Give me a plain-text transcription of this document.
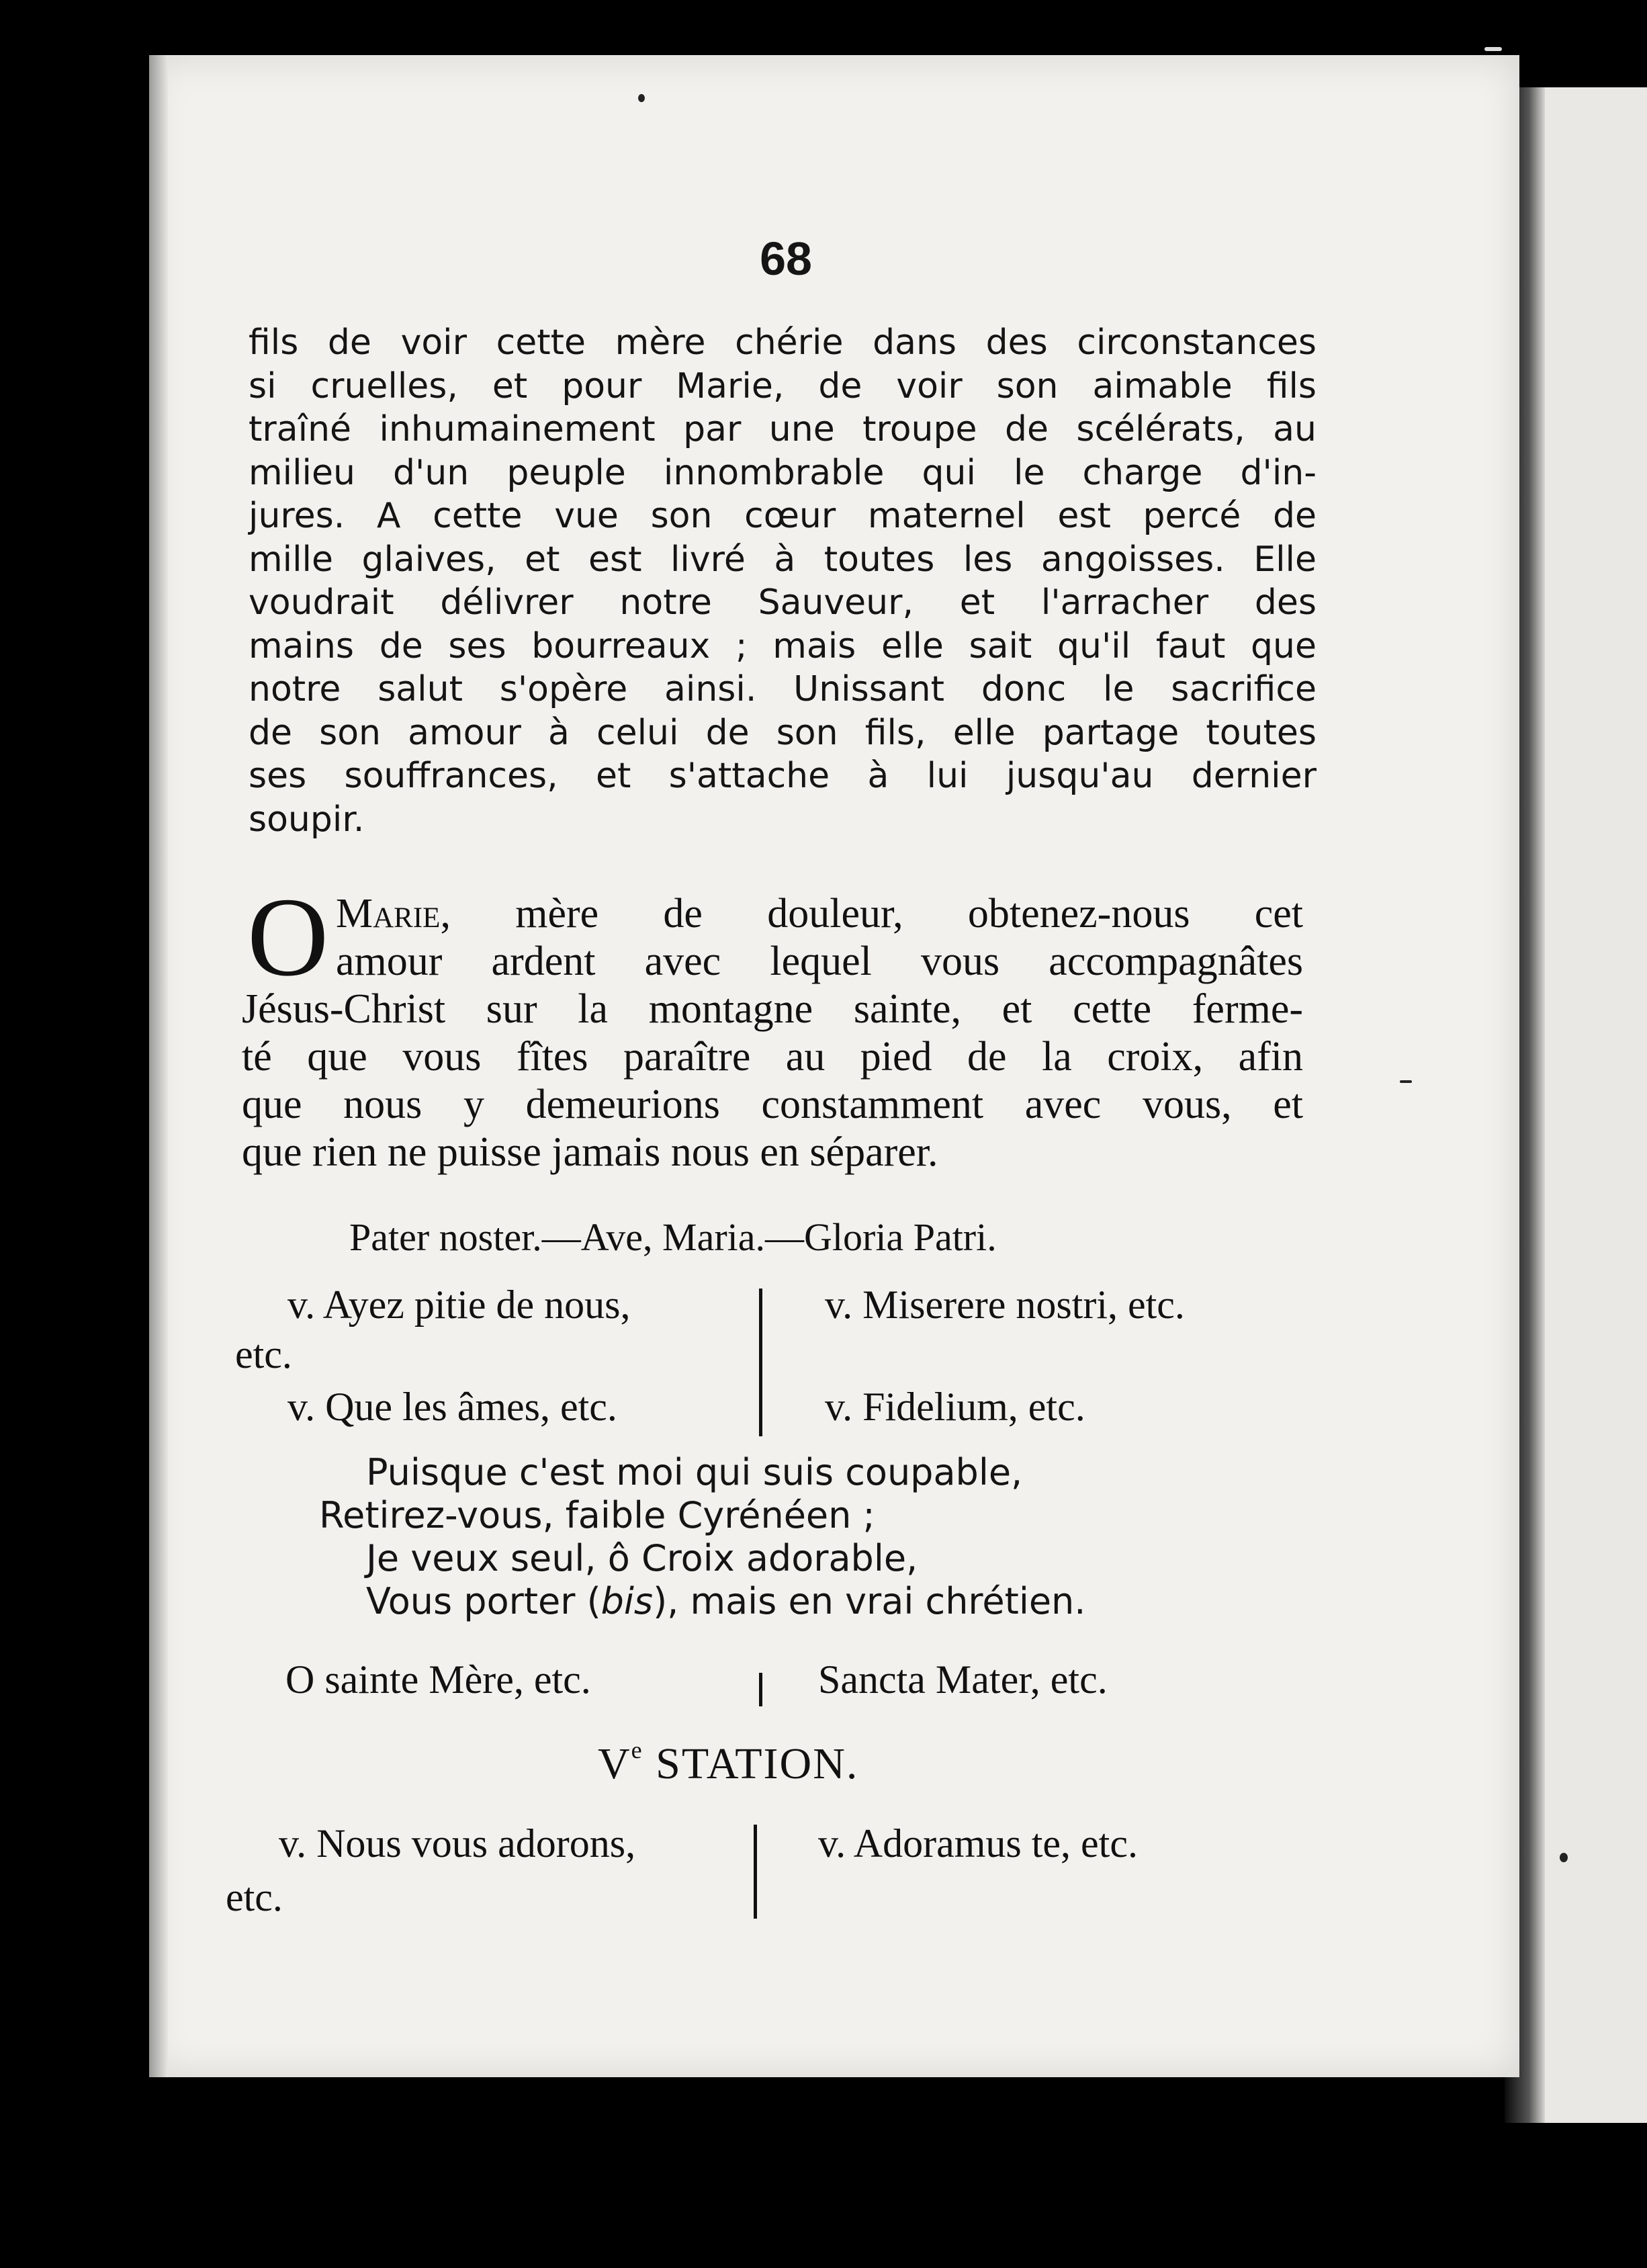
68
fils de voir cette mère chérie dans des circonstances
si cruelles, et pour Marie, de voir son aimable fils
traîné inhumainement par une troupe de scélérats, au
milieu d'un peuple innombrable qui le charge d'in-
jures. A cette vue son cœur maternel est percé de
mille glaives, et est livré à toutes les angoisses. Elle
voudrait délivrer notre Sauveur, et l'arracher des
mains de ses bourreaux ; mais elle sait qu'il faut que
notre salut s'opère ainsi. Unissant donc le sacrifice
de son amour à celui de son fils, elle partage toutes
ses souffrances, et s'attache à lui jusqu'au dernier
soupir.
O Marie, mère de douleur, obtenez-nous cet
amour ardent avec lequel vous accompagnâtes
Jésus-Christ sur la montagne sainte, et cette ferme-
té que vous fîtes paraître au pied de la croix, afin
que nous y demeurions constamment avec vous, et
que rien ne puisse jamais nous en séparer.
Pater noster.—Ave, Maria.—Gloria Patri.
v. Ayez pitie de nous,
etc.
v. Miserere nostri, etc.
v. Que les âmes, etc.	v. Fidelium, etc.
Puisque c'est moi qui suis coupable,
Retirez-vous, faible Cyrénéen ;
Je veux seul, ô Croix adorable,
Vous porter (bis), mais en vrai chrétien.
O sainte Mère, etc.	Sancta Mater, etc.
Ve STATION.
v. Nous vous adorons,
etc.
v. Adoramus te, etc.
